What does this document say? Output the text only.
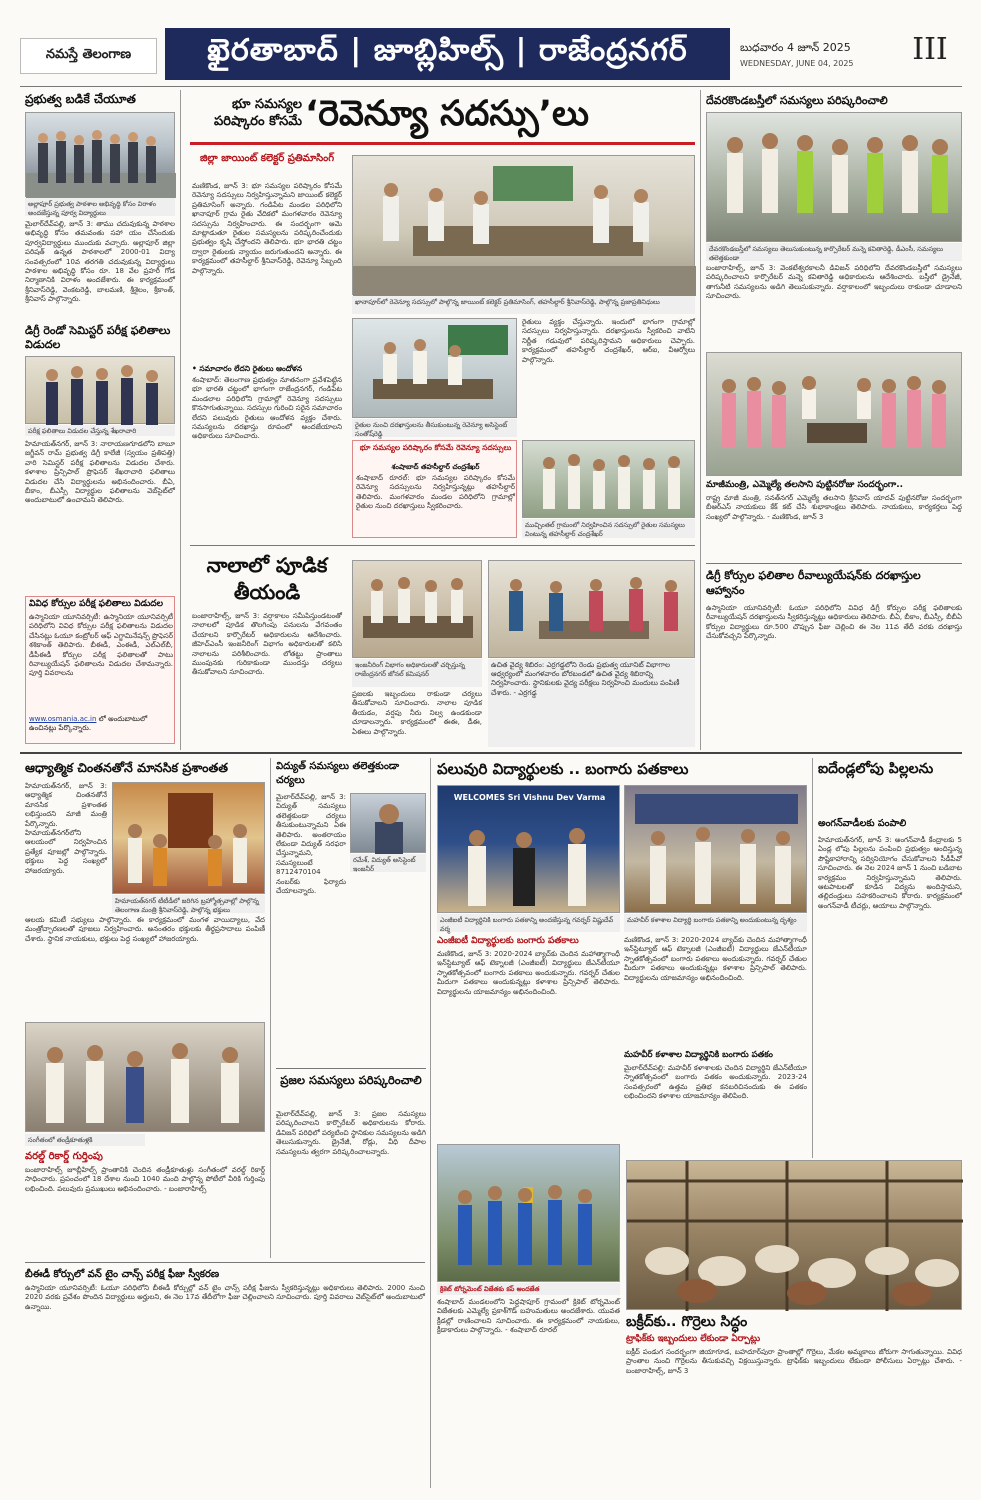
నమస్తే తెలంగాణ	ఖైరతాబాద్ | జూబ్లిహిల్స్ | రాజేంద్రనగర్	బుధవారం 4 జూన్ 2025
WEDNESDAY, JUNE 04, 2025	III
ప్రభుత్వ బడికే చేయూత
అల్లాపూర్ ప్రభుత్వ పాఠశాల అభివృద్ధి కోసం విరాళం అందజేస్తున్న పూర్వ విద్యార్థులు
మైలార్‌దేవ్‌పల్లి, జూన్ 3: తాము చదువుకున్న పాఠశాల అభివృద్ధి కోసం తమవంతు సహా యం చేసేందుకు పూర్వవిద్యార్థులు ముందుకు వచ్చారు. అల్లాపూర్ జిల్లా పరిషత్ ఉన్నత పాఠశాలలో 2000-01 విద్యా సంవత్సరంలో 10వ తరగతి చదువుకున్న విద్యార్థులు పాఠశాల అభివృద్ధి కోసం రూ. 18 వేల ప్రహరీ గోడ నిర్మాణానికి విరాళం అందజేశారు. ఈ కార్యక్రమంలో శ్రీనివాస్‌రెడ్డి, వెంకటరెడ్డి, బాలమణి, శ్రీశైలం, శ్రీకాంత్, శ్రీనివాస్ పాల్గొన్నారు.
డిగ్రీ రెండో సెమిస్టర్ పరీక్ష ఫలితాలు విడుదల
పరీక్ష ఫలితాలు విడుదల చేస్తున్న శేఖరాచారి
హిమాయత్‌నగర్, జూన్ 3: నారాయణగూడలోని బాబూ జగ్జీవన్ రామ్ ప్రభుత్వ డిగ్రీ కాలేజీ (స్వయం ప్రతిపత్తి) వారి సెమిస్టర్ పరీక్ష ఫలితాలను విడుదల చేశారు. కళాశాల ప్రిన్సిపాల్ ప్రొఫెసర్ శేఖరాచారి ఫలితాలు విడుదల చేసి విద్యార్థులను అభినందించారు. బీఏ, బీకాం, బీఎస్సీ విద్యార్థుల ఫలితాలను వెబ్‌సైట్‌లో అందుబాటులో ఉంచామని తెలిపారు.
వివిధ కోర్సుల పరీక్ష ఫలితాలు విడుదల
ఉస్మానియా యూనివర్సిటీ: ఉస్మానియా యూనివర్సిటీ పరిధిలోని వివిధ కోర్సుల పరీక్ష ఫలితాలను విడుదల చేసినట్లు ఓయూ కంట్రోలర్ ఆఫ్ ఎగ్జామినేషన్స్ ప్రొఫెసర్ శశికాంత్ తెలిపారు. బీఈడీ, ఎంఈడీ, ఎల్ఎల్‌బీ, డీపీఈడీ కోర్సుల పరీక్ష ఫలితాలతో పాటు రివాల్యుయేషన్ ఫలితాలను విడుదల చేశామన్నారు. పూర్తి వివరాలను
www.osmania.ac.in లో అందుబాటులో ఉంచినట్లు పేర్కొన్నారు.
భూ సమస్యల పరిష్కారం కోసమే ‘రెవెన్యూ సదస్సు’లు
జిల్లా జాయింట్ కలెక్టర్ ప్రతిమాసింగ్
మణికొండ, జూన్ 3: భూ సమస్యల పరిష్కారం కోసమే రెవెన్యూ సదస్సులు నిర్వహిస్తున్నామని జాయింట్ కలెక్టర్ ప్రతిమాసింగ్ అన్నారు. గండిపేట మండల పరిధిలోని ఖానాపూర్ గ్రామ రైతు వేదికలో మంగళవారం రెవెన్యూ సదస్సును నిర్వహించారు. ఈ సందర్భంగా ఆమె మాట్లాడుతూ రైతుల సమస్యలను పరిష్కరించేందుకు ప్రభుత్వం కృషి చేస్తోందని తెలిపారు. భూ భారతి చట్టం ద్వారా రైతులకు న్యాయం జరుగుతుందని అన్నారు. ఈ కార్యక్రమంలో తహసీల్దార్ శ్రీనివాస్‌రెడ్డి, రెవెన్యూ సిబ్బంది పాల్గొన్నారు.
• సమాచారం లేదని రైతులు ఆందోళన
శంషాబాద్: తెలంగాణ ప్రభుత్వం నూతనంగా ప్రవేశపెట్టిన భూ భారతి చట్టంలో భాగంగా రాజేంద్రనగర్, గండిపేట మండలాల పరిధిలోని గ్రామాల్లో రెవెన్యూ సదస్సులు కొనసాగుతున్నాయి. సదస్సుల గురించి సరైన సమాచారం లేదని పలువురు రైతులు ఆందోళన వ్యక్తం చేశారు. సమస్యలను దరఖాస్తు రూపంలో అందజేయాలని అధికారులు సూచించారు.
ఖానాపూర్‌లో రెవెన్యూ సదస్సులో పాల్గొన్న జాయింట్ కలెక్టర్ ప్రతిమాసింగ్, తహసీల్దార్ శ్రీనివాస్‌రెడ్డి, పాల్గొన్న ప్రజాప్రతినిధులు
రైతుల నుంచి దరఖాస్తులను తీసుకుంటున్న రెవెన్యూ అసిస్టెంట్ సంతోష్‌రెడ్డి
రైతులు వ్యక్తం చేస్తున్నారు. ఇందులో భాగంగా గ్రామాల్లో సదస్సులు నిర్వహిస్తున్నారు. దరఖాస్తులను స్వీకరించి వాటిని నిర్ణీత గడువులో పరిష్కరిస్తామని అధికారులు చెప్పారు. కార్యక్రమంలో తహసీల్దార్ చంద్రశేఖర్, ఆర్ఐ, వీఆర్వోలు పాల్గొన్నారు.
భూ సమస్యల పరిష్కారం కోసమే రెవెన్యూ సదస్సులు
శంషాబాద్ తహసీల్దార్ చంద్రశేఖర్
శంషాబాద్ రూరల్: భూ సమస్యల పరిష్కారం కోసమే రెవెన్యూ సదస్సులను నిర్వహిస్తున్నట్లు తహసీల్దార్ తెలిపారు. మంగళవారం మండల పరిధిలోని గ్రామాల్లో రైతుల నుంచి దరఖాస్తులు స్వీకరించారు.
ముచ్చింతల్ గ్రామంలో నిర్వహించిన సదస్సులో రైతుల సమస్యలు వింటున్న తహసీల్దార్ చంద్రశేఖర్
నాలాలో పూడిక తీయండి
బంజారాహిల్స్, జూన్ 3: వర్షాకాలం సమీపిస్తుండటంతో నాలాలలో పూడిక తొలగింపు పనులను వేగవంతం చేయాలని కార్పొరేటర్ అధికారులను ఆదేశించారు. జీహెచ్‌ఎంసీ ఇంజనీరింగ్ విభాగం అధికారులతో కలిసి నాలాలను పరిశీలించారు. లోతట్టు ప్రాంతాలు ముంపునకు గురికాకుండా ముందస్తు చర్యలు తీసుకోవాలని సూచించారు.
ఇంజనీరింగ్ విభాగం అధికారులతో చర్చిస్తున్న రాజేంద్రనగర్ జోనల్ కమిషనర్
ప్రజలకు ఇబ్బందులు రాకుండా చర్యలు తీసుకోవాలని సూచించారు. నాలాల పూడిక తీయడం, వర్షపు నీరు నిల్వ ఉండకుండా చూడాలన్నారు. కార్యక్రమంలో ఈఈ, డీఈ, ఏఈలు పాల్గొన్నారు.
ఉచిత వైద్య శిబిరం: ఎర్రగడ్డలోని రెండు ప్రభుత్వ యూనిట్ విభాగాల ఆధ్వర్యంలో మంగళవారం బోరబండలో ఉచిత వైద్య శిబిరాన్ని నిర్వహించారు. స్థానికులకు వైద్య పరీక్షలు నిర్వహించి మందులు పంపిణీ చేశారు. - ఎర్రగడ్డ
దేవరకొండబస్తీలో సమస్యలు పరిష్కరించాలి
దేవరకొండబస్తీలో సమస్యలు తెలుసుకుంటున్న కార్పొరేటర్ మన్నె కవితారెడ్డి, డీఎంసీ, సమస్యలు తలెత్తకుండా
బంజారాహిల్స్, జూన్ 3: వెంకటేశ్వరకాలనీ డివిజన్ పరిధిలోని దేవరకొండబస్తీలో సమస్యలు పరిష్కరించాలని కార్పొరేటర్ మన్నె కవితారెడ్డి అధికారులను ఆదేశించారు. బస్తీలో డ్రైనేజీ, తాగునీటి సమస్యలను అడిగి తెలుసుకున్నారు. వర్షాకాలంలో ఇబ్బందులు రాకుండా చూడాలని సూచించారు.
మాజీమంత్రి, ఎమ్మెల్యే తలసాని పుట్టినరోజు సందర్భంగా..
రాష్ట్ర మాజీ మంత్రి, సనత్‌నగర్ ఎమ్మెల్యే తలసాని శ్రీనివాస్ యాదవ్ పుట్టినరోజు సందర్భంగా బీఆర్‌ఎస్ నాయకులు కేక్ కట్ చేసి శుభాకాంక్షలు తెలిపారు. నాయకులు, కార్యకర్తలు పెద్ద సంఖ్యలో పాల్గొన్నారు. - మణికొండ, జూన్ 3
డిగ్రీ కోర్సుల ఫలితాల రీవాల్యుయేషన్‌కు దరఖాస్తుల ఆహ్వానం
ఉస్మానియా యూనివర్సిటీ: ఓయూ పరిధిలోని వివిధ డిగ్రీ కోర్సుల పరీక్ష ఫలితాలకు రీవాల్యుయేషన్ దరఖాస్తులను స్వీకరిస్తున్నట్లు అధికారులు తెలిపారు. బీఏ, బీకాం, బీఎస్సీ, బీబీఏ కోర్సుల విద్యార్థులు రూ.500 చొప్పున ఫీజు చెల్లించి ఈ నెల 11వ తేదీ వరకు దరఖాస్తు చేసుకోవచ్చని పేర్కొన్నారు.
ఆధ్యాత్మిక చింతనతోనే మానసిక ప్రశాంతత
హిమాయత్‌నగర్, జూన్ 3: ఆధ్యాత్మిక చింతనతోనే మానసిక ప్రశాంతత లభిస్తుందని మాజీ మంత్రి పేర్కొన్నారు. హిమాయత్‌నగర్‌లోని ఆలయంలో నిర్వహించిన ప్రత్యేక పూజల్లో పాల్గొన్నారు. భక్తులు పెద్ద సంఖ్యలో హాజరయ్యారు.
హిమాయత్‌నగర్ టీటీడీలో జరిగిన బ్రహ్మోత్సవాల్లో పాల్గొన్న తెలంగాణ మంత్రి శ్రీనివాస్‌రెడ్డి, పాల్గొన్న భక్తులు
ఆలయ కమిటీ సభ్యులు పాల్గొన్నారు. ఈ కార్యక్రమంలో మంగళ వాయిద్యాలు, వేద మంత్రోచ్ఛారణలతో పూజలు నిర్వహించారు. అనంతరం భక్తులకు తీర్థప్రసాదాలు పంపిణీ చేశారు. స్థానిక నాయకులు, భక్తులు పెద్ద సంఖ్యలో హాజరయ్యారు.
సంగీతంలో తండ్రీకూతుళ్లకి
వరల్డ్ రికార్డ్ గుర్తింపు
బంజారాహిల్స్ జూబ్లీహిల్స్ ప్రాంతానికి చెందిన తండ్రీకూతుళ్లు సంగీతంలో వరల్డ్ రికార్డ్ సాధించారు. ప్రపంచంలో 18 దేశాల నుంచి 1040 మంది పాల్గొన్న పోటీలో వీరికి గుర్తింపు లభించింది. పలువురు ప్రముఖులు అభినందించారు. - బంజారాహిల్స్
బీఈడీ కోర్సులో వన్ టైం చాన్స్ పరీక్ష ఫీజు స్వీకరణ
ఉస్మానియా యూనివర్సిటీ: ఓయూ పరిధిలోని బీఈడీ కోర్సుల్లో వన్ టైం చాన్స్ పరీక్ష ఫీజును స్వీకరిస్తున్నట్లు అధికారులు తెలిపారు. 2000 నుంచి 2020 వరకు ప్రవేశం పొందిన విద్యార్థులు అర్హులని, ఈ నెల 17వ తేదీలోగా ఫీజు చెల్లించాలని సూచించారు. పూర్తి వివరాలు వెబ్‌సైట్‌లో అందుబాటులో ఉన్నాయి.
విద్యుత్ సమస్యలు తలెత్తకుండా చర్యలు
రమేశ్, విద్యుత్ అసిస్టెంట్ ఇంజనీర్
మైలార్‌దేవ్‌పల్లి, జూన్ 3: విద్యుత్ సమస్యలు తలెత్తకుండా చర్యలు తీసుకుంటున్నామని ఏఈ తెలిపారు. అంతరాయం లేకుండా విద్యుత్ సరఫరా చేస్తున్నామని, సమస్యలుంటే 8712470104 నంబర్‌కు ఫిర్యాదు చేయాలన్నారు.
ప్రజల సమస్యలు పరిష్కరించాలి
మైలార్‌దేవ్‌పల్లి, జూన్ 3: ప్రజల సమస్యలు పరిష్కరించాలని కార్పొరేటర్ అధికారులను కోరారు. డివిజన్ పరిధిలో పర్యటించి స్థానికుల సమస్యలను అడిగి తెలుసుకున్నారు. డ్రైనేజీ, రోడ్లు, వీధి దీపాల సమస్యలను త్వరగా పరిష్కరించాలన్నారు.
పలువురి విద్యార్థులకు .. బంగారు పతకాలు
WELCOMES Sri Vishnu Dev Varma
ఎంజీఐటీ విద్యార్థినికి బంగారు పతకాన్ని అందజేస్తున్న గవర్నర్ విష్ణుదేవ్ వర్మ
మహవీర్ కళాశాల విద్యార్థి బంగారు పతకాన్ని అందుకుంటున్న దృశ్యం
ఎంజీఐటీ విద్యార్థులకు బంగారు పతకాలు
మణికొండ, జూన్ 3: 2020-2024 బ్యాచ్‌కు చెందిన మహాత్మాగాంధీ ఇన్‌స్టిట్యూట్ ఆఫ్ టెక్నాలజీ (ఎంజీఐటీ) విద్యార్థులు జేఎన్‌టీయూ స్నాతకోత్సవంలో బంగారు పతకాలు అందుకున్నారు. గవర్నర్ చేతుల మీదుగా పతకాలు అందుకున్నట్లు కళాశాల ప్రిన్సిపాల్ తెలిపారు. విద్యార్థులను యాజమాన్యం అభినందించింది.
మహవీర్ కళాశాల విద్యార్థినికి బంగారు పతకం
మైలార్‌దేవ్‌పల్లి: మహవీర్ కళాశాలకు చెందిన విద్యార్థిని జేఎన్‌టీయూ స్నాతకోత్సవంలో బంగారు పతకం అందుకున్నారు. 2023-24 సంవత్సరంలో ఉత్తమ ప్రతిభ కనబరిచినందుకు ఈ పతకం లభించిందని కళాశాల యాజమాన్యం తెలిపింది.
మణికొండ, జూన్ 3: 2020-2024 బ్యాచ్‌కు చెందిన మహాత్మాగాంధీ ఇన్‌స్టిట్యూట్ ఆఫ్ టెక్నాలజీ (ఎంజీఐటీ) విద్యార్థులు జేఎన్‌టీయూ స్నాతకోత్సవంలో బంగారు పతకాలు అందుకున్నారు. గవర్నర్ చేతుల మీదుగా పతకాలు అందుకున్నట్లు కళాశాల ప్రిన్సిపాల్ తెలిపారు. విద్యార్థులను యాజమాన్యం అభినందించింది.
ఐదేండ్లలోపు పిల్లలను
అంగన్‌వాడీలకు పంపాలి
హిమాయత్‌నగర్, జూన్ 3: అంగన్‌వాడీ కేంద్రాలకు 5 ఏండ్ల లోపు పిల్లలను పంపించి ప్రభుత్వం అందిస్తున్న పౌష్టికాహారాన్ని సద్వినియోగం చేసుకోవాలని సీడీపీవో సూచించారు. ఈ నెల 2024 జూన్ 1 నుంచి బడిబాట కార్యక్రమం నిర్వహిస్తున్నామని తెలిపారు. ఆటపాటలతో కూడిన విద్యను అందిస్తామని, తల్లిదండ్రులు సహకరించాలని కోరారు. కార్యక్రమంలో అంగన్‌వాడీ టీచర్లు, ఆయాలు పాల్గొన్నారు.
క్రికెట్ టోర్నమెంట్ విజేతకు కప్ అందజేత
శంషాబాద్ మండలంలోని పెద్దషాపూర్ గ్రామంలో క్రికెట్ టోర్నమెంట్ విజేతలకు ఎమ్మెల్యే ప్రకాశ్‌గౌడ్ బహుమతులు అందజేశారు. యువత క్రీడల్లో రాణించాలని సూచించారు. ఈ కార్యక్రమంలో నాయకులు, క్రీడాకారులు పాల్గొన్నారు. - శంషాబాద్ రూరల్
బక్రీద్‌కు.. గొర్రెలు సిద్ధం
ట్రాఫిక్‌కు ఇబ్బందులు లేకుండా ఏర్పాట్లు
బక్రీద్ పండుగ సందర్భంగా జియాగూడ, బహదూర్‌పురా ప్రాంతాల్లో గొర్రెలు, మేకల అమ్మకాలు జోరుగా సాగుతున్నాయి. వివిధ ప్రాంతాల నుంచి గొర్రెలను తీసుకువచ్చి విక్రయిస్తున్నారు. ట్రాఫిక్‌కు ఇబ్బందులు లేకుండా పోలీసులు ఏర్పాట్లు చేశారు. - బంజారాహిల్స్, జూన్ 3
